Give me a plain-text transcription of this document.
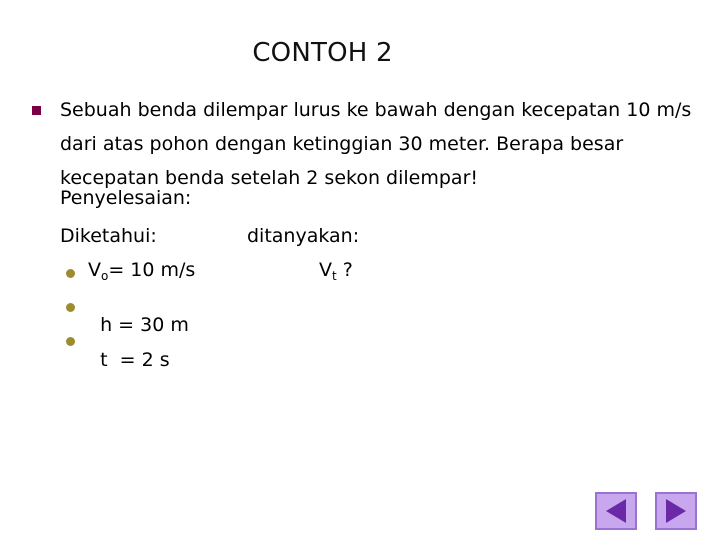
CONTOH 2
Sebuah benda dilempar lurus ke bawah dengan kecepatan 10 m/s dari atas pohon dengan ketinggian 30 meter. Berapa besar kecepatan benda setelah 2 sekon dilempar!
Penyelesaian:
Diketahui:	ditanyakan:
$V_o= 10$ m/s

h = 30 m

t  = 2 s

$V_t$ ?
